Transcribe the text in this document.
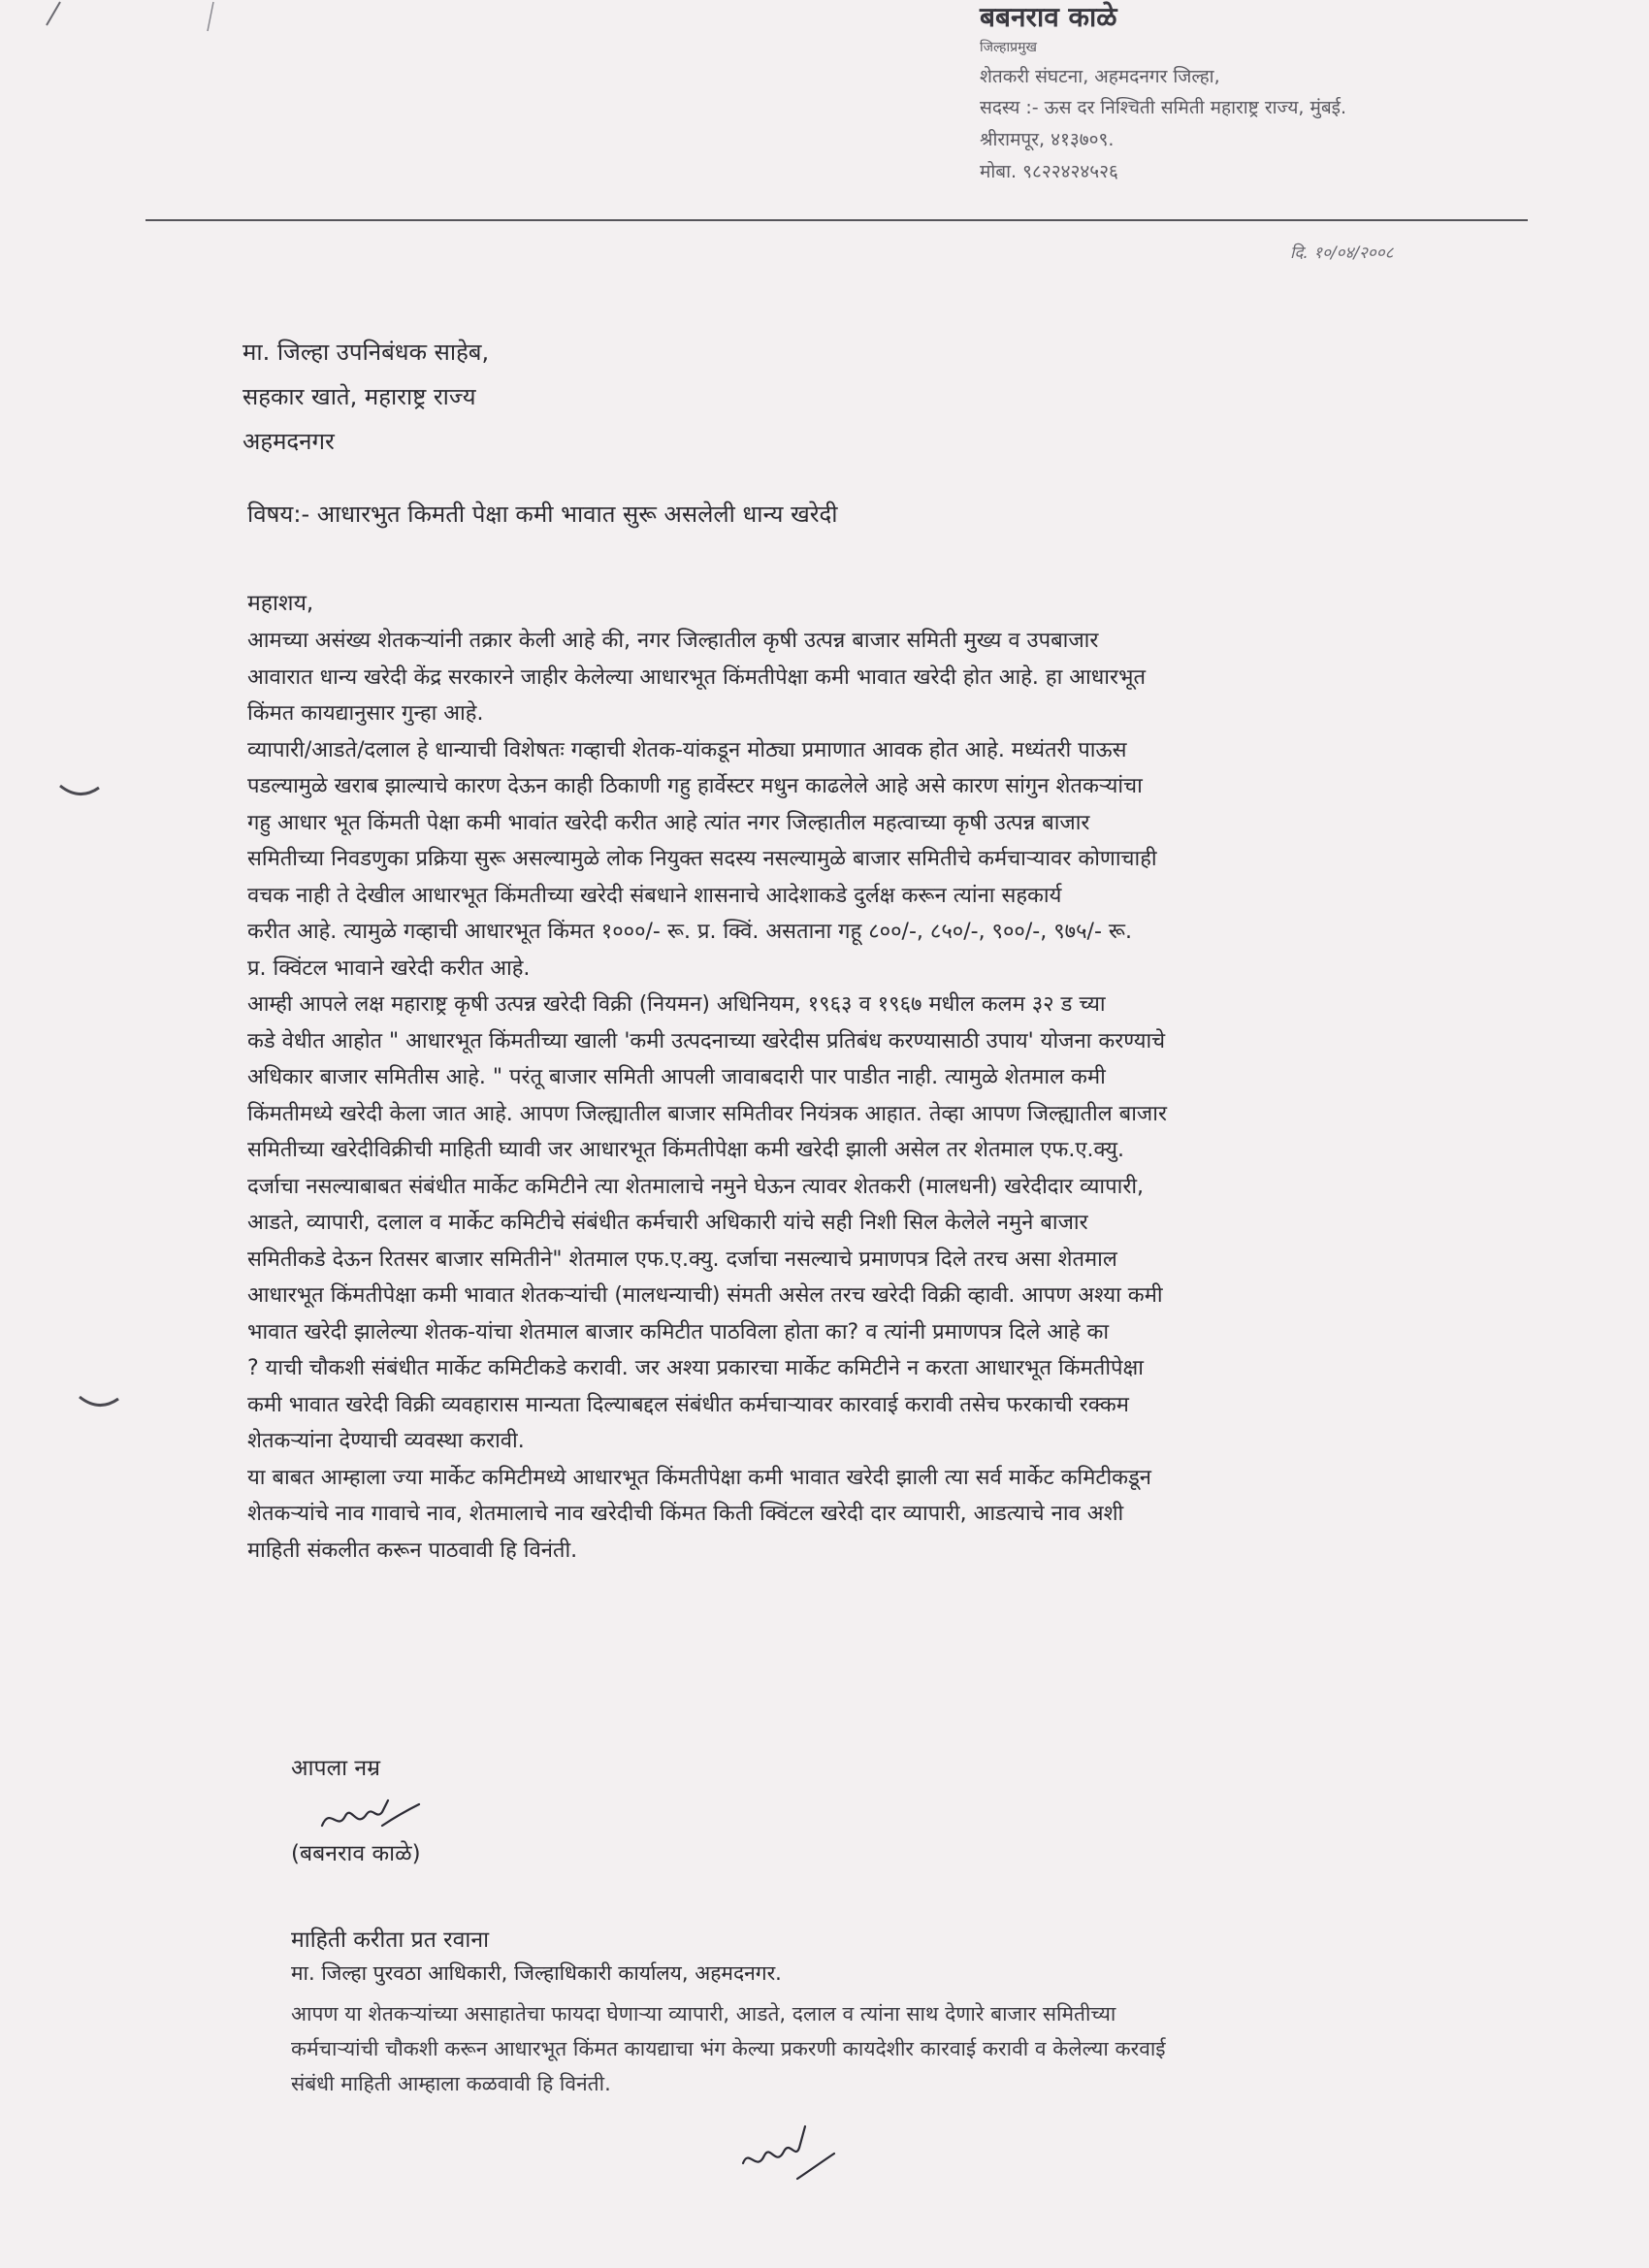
बबनराव काळे
जिल्हाप्रमुख
शेतकरी संघटना, अहमदनगर जिल्हा,
सदस्य :- ऊस दर निश्चिती समिती महाराष्ट्र राज्य, मुंबई.
श्रीरामपूर, ४१३७०९.
मोबा. ९८२२४२४५२६
दि. १०/०४/२००८
मा. जिल्हा उपनिबंधक साहेब,
सहकार खाते, महाराष्ट्र राज्य
अहमदनगर
विषय:- आधारभुत किमती पेक्षा कमी भावात सुरू असलेली धान्य खरेदी
महाशय,
आमच्या असंख्य शेतकऱ्यांनी तक्रार केली आहे की, नगर जिल्हातील कृषी उत्पन्न बाजार समिती मुख्य व उपबाजार
आवारात धान्य खरेदी केंद्र सरकारने जाहीर केलेल्या आधारभूत किंमतीपेक्षा कमी भावात खरेदी होत आहे. हा आधारभूत
किंमत कायद्यानुसार गुन्हा आहे.
व्यापारी/आडते/दलाल हे धान्याची विशेषतः गव्हाची शेतक-यांकडून मोठ्या प्रमाणात आवक होत आहे. मध्यंतरी पाऊस
पडल्यामुळे खराब झाल्याचे कारण देऊन काही ठिकाणी गहु हार्वेस्टर मधुन काढलेले आहे असे कारण सांगुन शेतकऱ्यांचा
गहु आधार भूत किंमती पेक्षा कमी भावांत खरेदी करीत आहे त्यांत नगर जिल्हातील महत्वाच्या कृषी उत्पन्न बाजार
समितीच्या निवडणुका प्रक्रिया सुरू असल्यामुळे लोक नियुक्त सदस्य नसल्यामुळे बाजार समितीचे कर्मचाऱ्यावर कोणाचाही
वचक नाही ते देखील आधारभूत किंमतीच्या खरेदी संबधाने शासनाचे आदेशाकडे दुर्लक्ष करून त्यांना सहकार्य
करीत आहे. त्यामुळे गव्हाची आधारभूत किंमत १०००/- रू. प्र. क्विं. असताना गहू ८००/-, ८५०/-, ९००/-, ९७५/- रू.
प्र. क्विंटल भावाने खरेदी करीत आहे.
आम्ही आपले लक्ष महाराष्ट्र कृषी उत्पन्न खरेदी विक्री (नियमन) अधिनियम, १९६३ व १९६७ मधील कलम ३२ ड च्या
कडे वेधीत आहोत " आधारभूत किंमतीच्या खाली 'कमी उत्पदनाच्या खरेदीस प्रतिबंध करण्यासाठी उपाय' योजना करण्याचे
अधिकार बाजार समितीस आहे. " परंतू बाजार समिती आपली जावाबदारी पार पाडीत नाही. त्यामुळे शेतमाल कमी
किंमतीमध्ये खरेदी केला जात आहे. आपण जिल्ह्यातील बाजार समितीवर नियंत्रक आहात. तेव्हा आपण जिल्ह्यातील बाजार
समितीच्या खरेदीविक्रीची माहिती घ्यावी जर आधारभूत किंमतीपेक्षा कमी खरेदी झाली असेल तर शेतमाल एफ.ए.क्यु.
दर्जाचा नसल्याबाबत संबंधीत मार्केट कमिटीने त्या शेतमालाचे नमुने घेऊन त्यावर शेतकरी (मालधनी) खरेदीदार व्यापारी,
आडते, व्यापारी, दलाल व मार्केट कमिटीचे संबंधीत कर्मचारी अधिकारी यांचे सही निशी सिल केलेले नमुने बाजार
समितीकडे देऊन रितसर बाजार समितीने" शेतमाल एफ.ए.क्यु. दर्जाचा नसल्याचे प्रमाणपत्र दिले तरच असा शेतमाल
आधारभूत किंमतीपेक्षा कमी भावात शेतकऱ्यांची (मालधन्याची) संमती असेल तरच खरेदी विक्री व्हावी. आपण अश्या कमी
भावात खरेदी झालेल्या शेतक-यांचा शेतमाल बाजार कमिटीत पाठविला होता का? व त्यांनी प्रमाणपत्र दिले आहे का
? याची चौकशी संबंधीत मार्केट कमिटीकडे करावी. जर अश्या प्रकारचा मार्केट कमिटीने न करता आधारभूत किंमतीपेक्षा
कमी भावात खरेदी विक्री व्यवहारास मान्यता दिल्याबद्दल संबंधीत कर्मचाऱ्यावर कारवाई करावी तसेच फरकाची रक्कम
शेतकऱ्यांना देण्याची व्यवस्था करावी.
या बाबत आम्हाला ज्या मार्केट कमिटीमध्ये आधारभूत किंमतीपेक्षा कमी भावात खरेदी झाली त्या सर्व मार्केट कमिटीकडून
शेतकऱ्यांचे नाव गावाचे नाव, शेतमालाचे नाव खरेदीची किंमत किती क्विंटल खरेदी दार व्यापारी, आडत्याचे नाव अशी
माहिती संकलीत करून पाठवावी हि विनंती.
आपला नम्र
(बबनराव काळे)
माहिती करीता प्रत रवाना
मा. जिल्हा पुरवठा आधिकारी, जिल्हाधिकारी कार्यालय, अहमदनगर.
आपण या शेतकऱ्यांच्या असाहातेचा फायदा घेणाऱ्या व्यापारी, आडते, दलाल व त्यांना साथ देणारे बाजार समितीच्या
कर्मचाऱ्यांची चौकशी करून आधारभूत किंमत कायद्याचा भंग केल्या प्रकरणी कायदेशीर कारवाई करावी व केलेल्या करवाई
संबंधी माहिती आम्हाला कळवावी हि विनंती.
